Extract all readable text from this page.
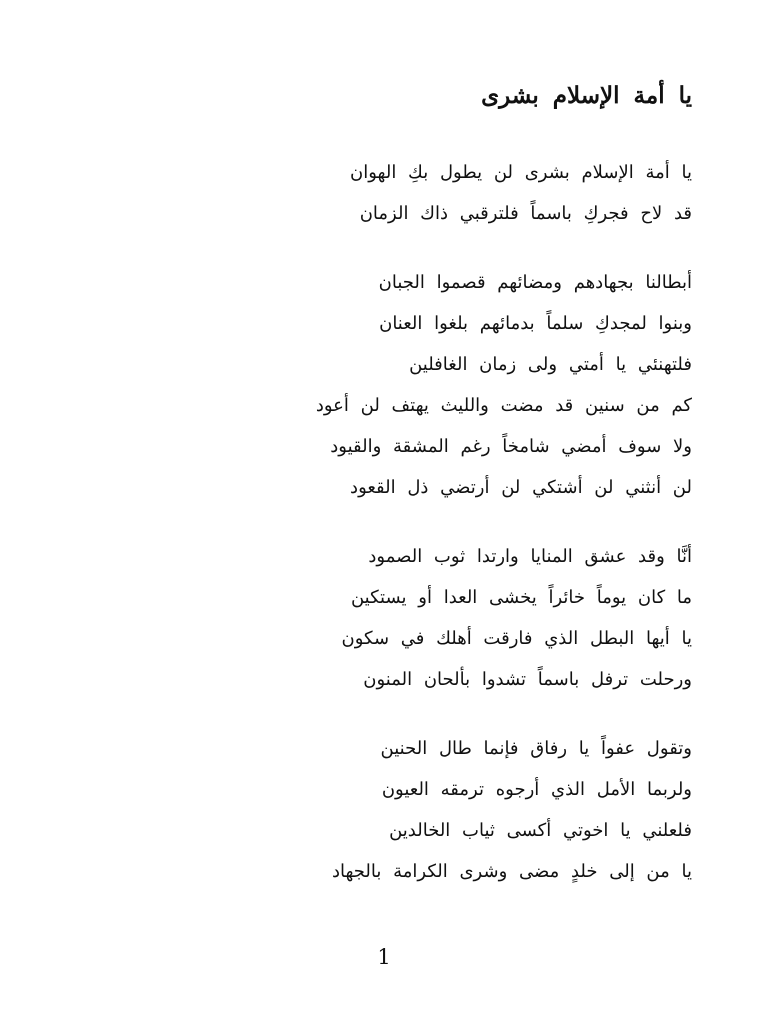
يا أمة الإسلام بشرى
يا أمة الإسلام بشرى لن يطول بكِ الهوان
قد لاح فجركِ باسماً فلترقبي ذاك الزمان
أبطالنا بجهادهم ومضائهم قصموا الجبان
وبنوا لمجدكِ سلماً بدمائهم بلغوا العنان
فلتهنئي يا أمتي ولى زمان الغافلين
كم من سنين قد مضت والليث يهتف لن أعود
ولا سوف أمضي شامخاً رغم المشقة والقيود
لن أنثني لن أشتكي لن أرتضي ذل القعود
أنَّا وقد عشق المنايا وارتدا ثوب الصمود
ما كان يوماً خائراً يخشى العدا أو يستكين
يا أيها البطل الذي فارقت أهلك في سكون
ورحلت ترفل باسماً تشدوا بألحان المنون
وتقول عفواً يا رفاق فإنما طال الحنين
ولربما الأمل الذي أرجوه ترمقه العيون
فلعلني يا اخوتي أكسى ثياب الخالدين
يا من إلى خلدٍ مضى وشرى الكرامة بالجهاد
1
